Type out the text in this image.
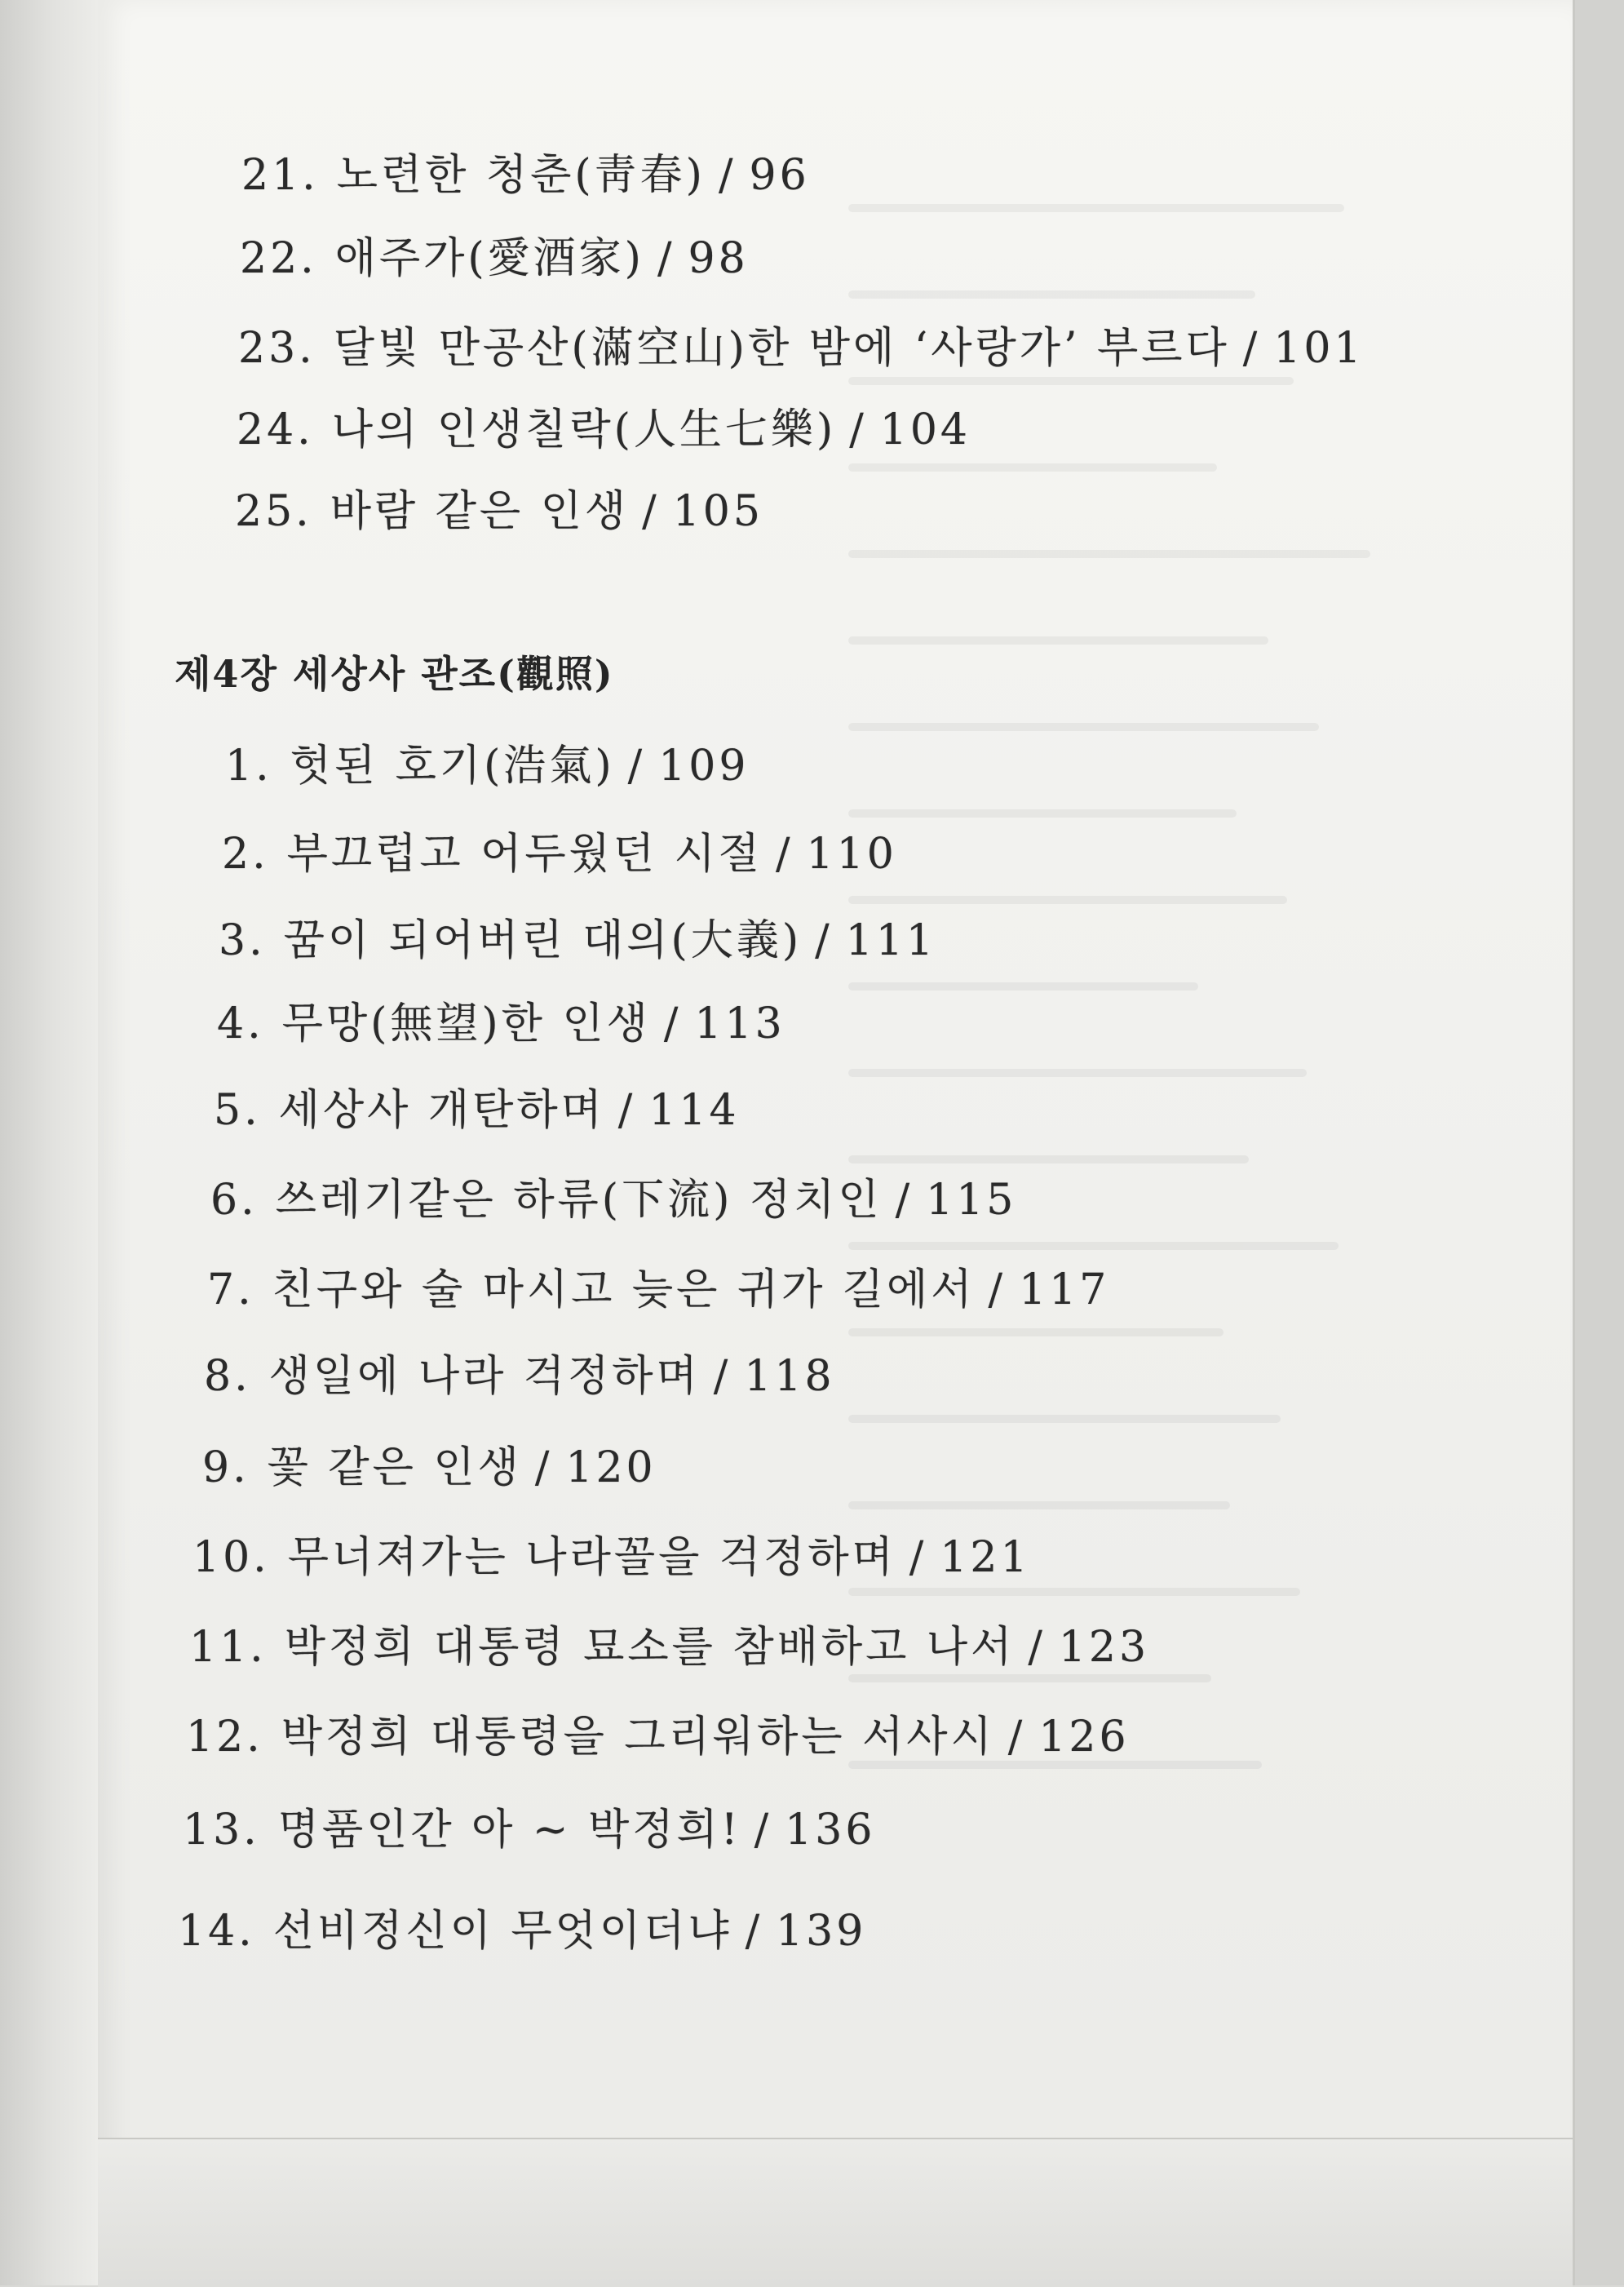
21. 노련한 청춘(靑春) / 96
22. 애주가(愛酒家) / 98
23. 달빛 만공산(滿空山)한 밤에 ‘사랑가’ 부르다 / 101
24. 나의 인생칠락(人生七樂) / 104
25. 바람 같은 인생 / 105
제4장 세상사 관조(觀照)
1. 헛된 호기(浩氣) / 109
2. 부끄럽고 어두웠던 시절 / 110
3. 꿈이 되어버린 대의(大義) / 111
4. 무망(無望)한 인생 / 113
5. 세상사 개탄하며 / 114
6. 쓰레기같은 하류(下流) 정치인 / 115
7. 친구와 술 마시고 늦은 귀가 길에서 / 117
8. 생일에 나라 걱정하며 / 118
9. 꽃 같은 인생 / 120
10. 무너져가는 나라꼴을 걱정하며 / 121
11. 박정희 대통령 묘소를 참배하고 나서 / 123
12. 박정희 대통령을 그리워하는 서사시 / 126
13. 명품인간 아 ~ 박정희! / 136
14. 선비정신이 무엇이더냐 / 139
